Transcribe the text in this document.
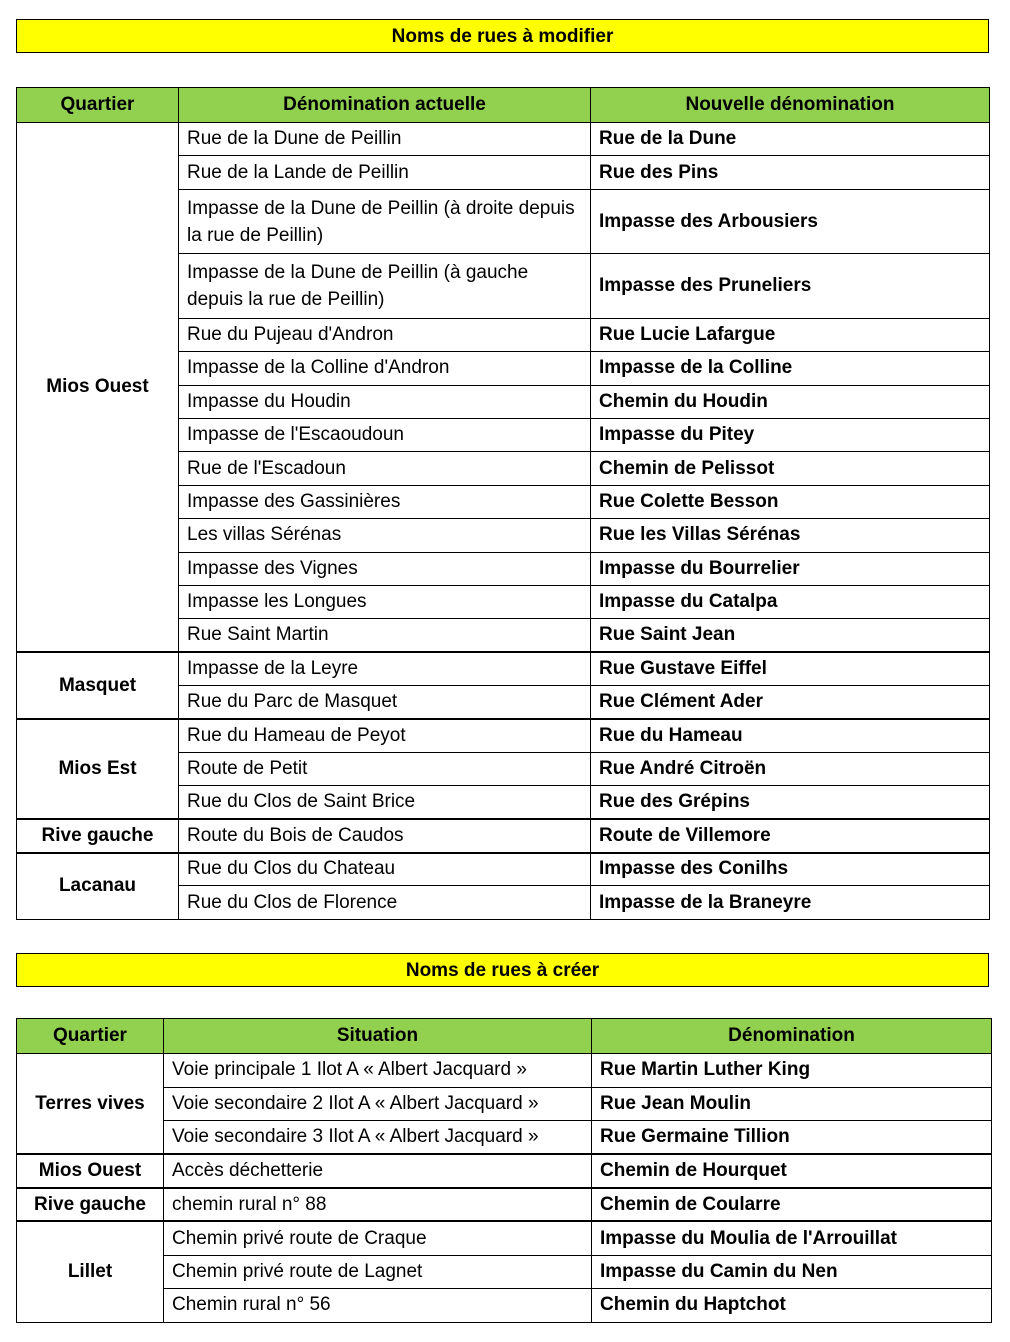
Noms de rues à modifier
Quartier	Dénomination actuelle	Nouvelle dénomination
Mios Ouest	Rue de la Dune de Peillin	Rue de la Dune
	Rue de la Lande de Peillin	Rue des Pins
	Impasse de la Dune de Peillin (à droite depuis la rue de Peillin)	Impasse des Arbousiers
	Impasse de la Dune de Peillin (à gauche depuis la rue de Peillin)	Impasse des Pruneliers
	Rue du Pujeau d'Andron	Rue Lucie Lafargue
	Impasse de la Colline d'Andron	Impasse de la Colline
	Impasse du Houdin	Chemin du Houdin
	Impasse de l'Escaoudoun	Impasse du Pitey
	Rue de l'Escadoun	Chemin de Pelissot
	Impasse des Gassinières	Rue Colette Besson
	Les villas Sérénas	Rue les Villas Sérénas
	Impasse des Vignes	Impasse du Bourrelier
	Impasse les Longues	Impasse du Catalpa
	Rue Saint Martin	Rue Saint Jean
Masquet	Impasse de la Leyre	Rue Gustave Eiffel
	Rue du Parc de Masquet	Rue Clément Ader
Mios Est	Rue du Hameau de Peyot	Rue du Hameau
	Route de Petit	Rue André Citroën
	Rue du Clos de Saint Brice	Rue des Grépins
Rive gauche	Route du Bois de Caudos	Route de Villemore
Lacanau	Rue du Clos du Chateau	Impasse des Conilhs
	Rue du Clos de Florence	Impasse de la Braneyre
Noms de rues à créer
Quartier	Situation	Dénomination
Terres vives	Voie principale 1 Ilot A « Albert Jacquard »	Rue Martin Luther King
	Voie secondaire 2 Ilot A « Albert Jacquard »	Rue Jean Moulin
	Voie secondaire 3 Ilot A « Albert Jacquard »	Rue Germaine Tillion
Mios Ouest	Accès déchetterie	Chemin de Hourquet
Rive gauche	chemin rural n° 88	Chemin de Coularre
Lillet	Chemin privé route de Craque	Impasse du Moulia de l'Arrouillat
	Chemin privé route de Lagnet	Impasse du Camin du Nen
	Chemin rural n° 56	Chemin du Haptchot
